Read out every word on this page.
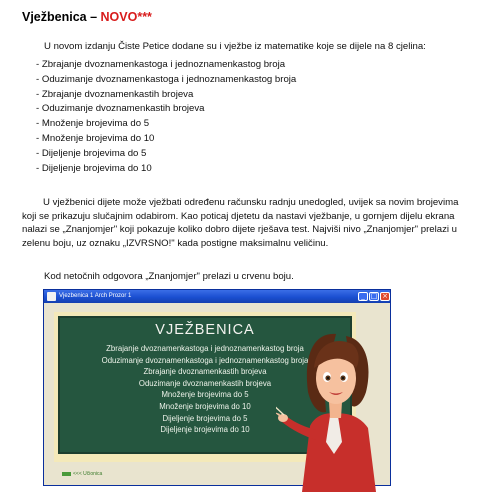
Vježbenica – NOVO***
U novom izdanju Čiste Petice dodane su i vježbe iz matematike koje se dijele na 8 cjelina:
- Zbrajanje dvoznamenkastoga i jednoznamenkastog broja
- Oduzimanje dvoznamenkastoga i jednoznamenkastog broja
- Zbrajanje dvoznamenkastih brojeva
- Oduzimanje dvoznamenkastih brojeva
- Množenje brojevima do 5
- Množenje brojevima do 10
- Dijeljenje brojevima do 5
- Dijeljenje brojevima do 10
U vježbenici dijete može vježbati određenu računsku radnju unedogled, uvijek sa novim brojevima koji se prikazuju slučajnim odabirom. Kao poticaj djetetu da nastavi vježbanje, u gornjem dijelu ekrana nalazi se „Znanjomjer" koji pokazuje koliko dobro dijete rješava test. Najviši nivo „Znanjomjer" prelazi u zelenu boju, uz oznaku „IZVRSNO!" kada postigne maksimalnu veličinu.
Kod netočnih odgovora „Znanjomjer" prelazi u crvenu boju.
Vjezbenica 1 Arch Prozor 1	_ □ ×
VJEŽBENICA
Zbrajanje dvoznamenkastoga i jednoznamenkastog broja
Oduzimanje dvoznamenkastoga i jednoznamenkastog broja
Zbrajanje dvoznamenkastih brojeva
Oduzimanje dvoznamenkastih brojeva
Množenje brojevima do 5
Množenje brojevima do 10
Dijeljenje brojevima do 5
Dijeljenje brojevima do 10
<<< Učionica
